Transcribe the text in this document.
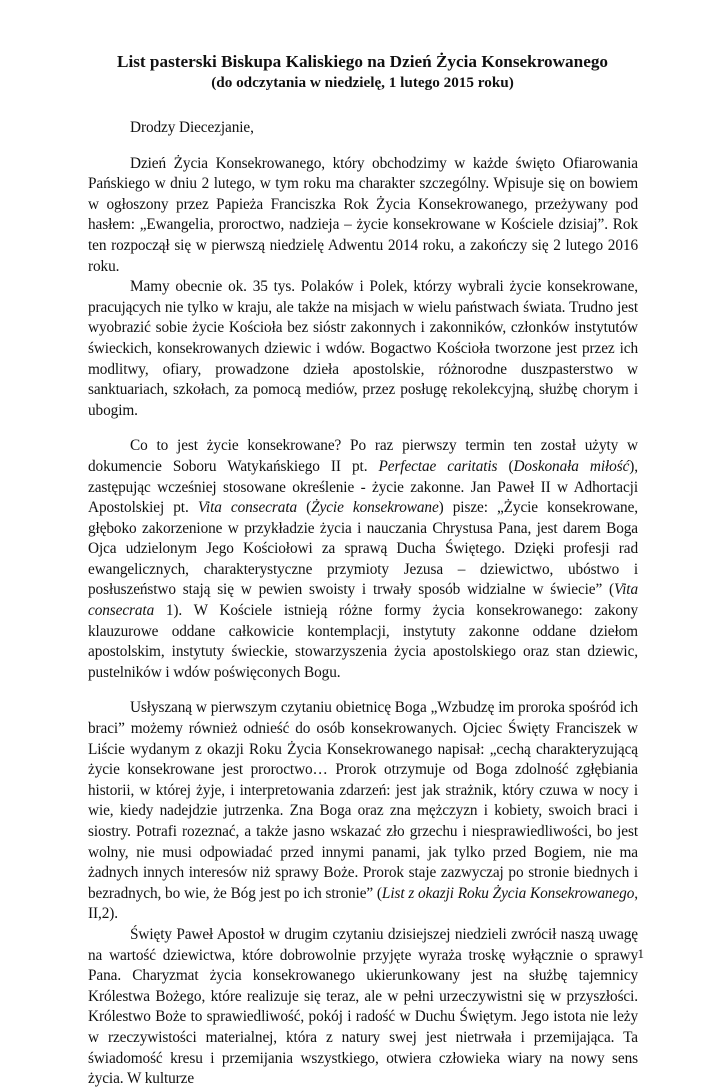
List pasterski Biskupa Kaliskiego na Dzień Życia Konsekrowanego
(do odczytania w niedzielę, 1 lutego 2015 roku)

Drodzy Diecezjanie,

Dzień Życia Konsekrowanego, który obchodzimy w każde święto Ofiarowania Pańskiego w dniu 2 lutego, w tym roku ma charakter szczególny. Wpisuje się on bowiem w ogłoszony przez Papieża Franciszka Rok Życia Konsekrowanego, przeżywany pod hasłem: „Ewangelia, proroctwo, nadzieja – życie konsekrowane w Kościele dzisiaj”. Rok ten rozpoczął się w pierwszą niedzielę Adwentu 2014 roku, a zakończy się 2 lutego 2016 roku.

Mamy obecnie ok. 35 tys. Polaków i Polek, którzy wybrali życie konsekrowane, pracujących nie tylko w kraju, ale także na misjach w wielu państwach świata. Trudno jest wyobrazić sobie życie Kościoła bez sióstr zakonnych i zakonników, członków instytutów świeckich, konsekrowanych dziewic i wdów. Bogactwo Kościoła tworzone jest przez ich modlitwy, ofiary, prowadzone dzieła apostolskie, różnorodne duszpasterstwo w sanktuariach, szkołach, za pomocą mediów, przez posługę rekolekcyjną, służbę chorym i ubogim.

Co to jest życie konsekrowane? Po raz pierwszy termin ten został użyty w dokumencie Soboru Watykańskiego II pt. Perfectae caritatis (Doskonała miłość), zastępując wcześniej stosowane określenie - życie zakonne. Jan Paweł II w Adhortacji Apostolskiej pt. Vita consecrata (Życie konsekrowane) pisze: „Życie konsekrowane, głęboko zakorzenione w przykładzie życia i nauczania Chrystusa Pana, jest darem Boga Ojca udzielonym Jego Kościołowi za sprawą Ducha Świętego. Dzięki profesji rad ewangelicznych, charakterystyczne przymioty Jezusa – dziewictwo, ubóstwo i posłuszeństwo stają się w pewien swoisty i trwały sposób widzialne w świecie” (Vita consecrata 1). W Kościele istnieją różne formy życia konsekrowanego: zakony klauzurowe oddane całkowicie kontemplacji, instytuty zakonne oddane dziełom apostolskim, instytuty świeckie, stowarzyszenia życia apostolskiego oraz stan dziewic, pustelników i wdów poświęconych Bogu.

Usłyszaną w pierwszym czytaniu obietnicę Boga „Wzbudzę im proroka spośród ich braci” możemy również odnieść do osób konsekrowanych. Ojciec Święty Franciszek w Liście wydanym z okazji Roku Życia Konsekrowanego napisał: „cechą charakteryzującą życie konsekrowane jest proroctwo… Prorok otrzymuje od Boga zdolność zgłębiania historii, w której żyje, i interpretowania zdarzeń: jest jak strażnik, który czuwa w nocy i wie, kiedy nadejdzie jutrzenka. Zna Boga oraz zna mężczyzn i kobiety, swoich braci i siostry. Potrafi rozeznać, a także jasno wskazać zło grzechu i niesprawiedliwości, bo jest wolny, nie musi odpowiadać przed innymi panami, jak tylko przed Bogiem, nie ma żadnych innych interesów niż sprawy Boże. Prorok staje zazwyczaj po stronie biednych i bezradnych, bo wie, że Bóg jest po ich stronie” (List z okazji Roku Życia Konsekrowanego, II,2).

Święty Paweł Apostoł w drugim czytaniu dzisiejszej niedzieli zwrócił naszą uwagę na wartość dziewictwa, które dobrowolnie przyjęte wyraża troskę wyłącznie o sprawy Pana. Charyzmat życia konsekrowanego ukierunkowany jest na służbę tajemnicy Królestwa Bożego, które realizuje się teraz, ale w pełni urzeczywistni się w przyszłości. Królestwo Boże to sprawiedliwość, pokój i radość w Duchu Świętym. Jego istota nie leży w rzeczywistości materialnej, która z natury swej jest nietrwała i przemijająca. Ta świadomość kresu i przemijania wszystkiego, otwiera człowieka wiary na nowy sens życia. W kulturze

1
